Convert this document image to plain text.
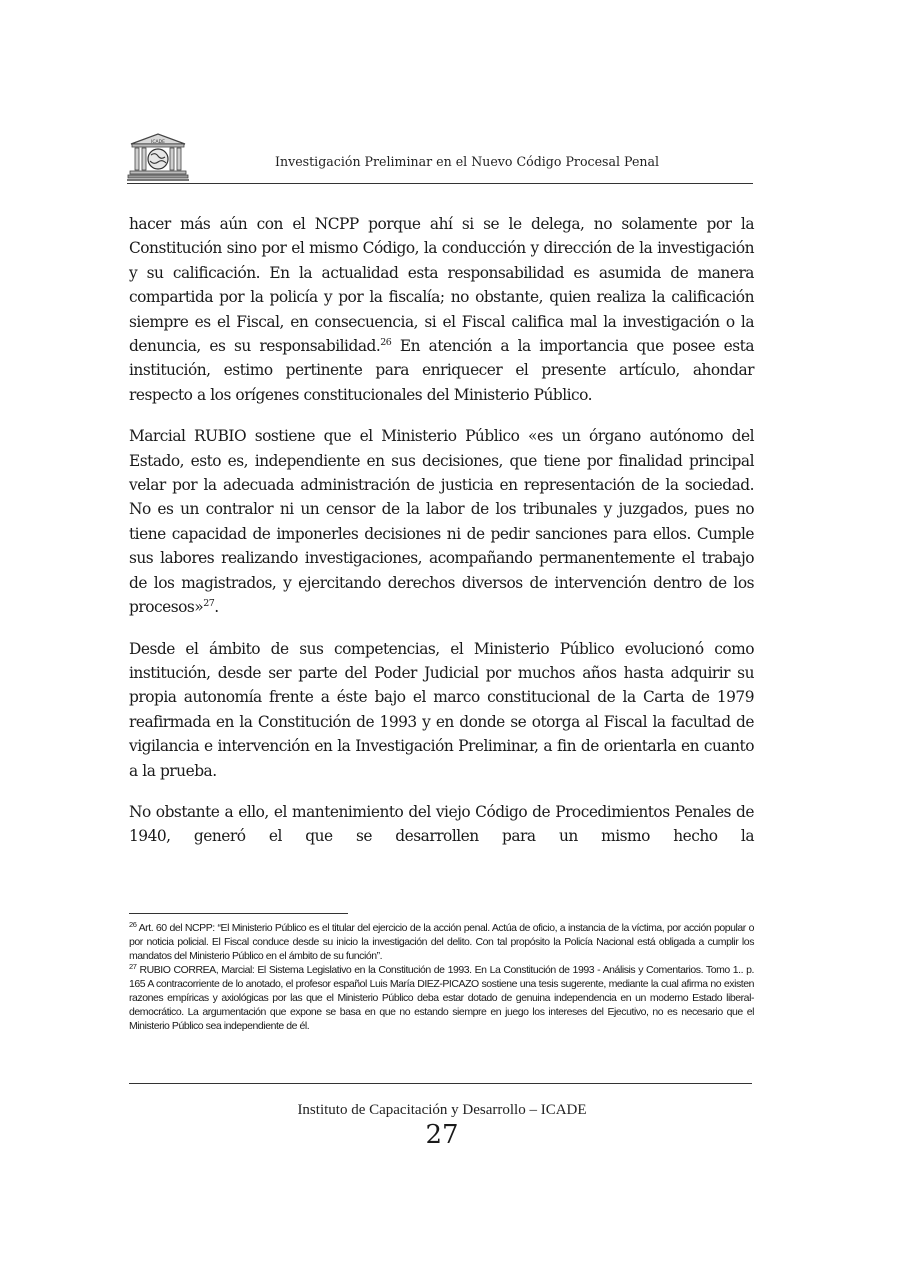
ICADE
Investigación Preliminar en el Nuevo Código Procesal Penal

hacer más aún con el NCPP porque ahí si se le delega, no solamente por la Constitución sino por el mismo Código, la conducción y dirección de la investigación y su calificación. En la actualidad esta responsabilidad es asumida de manera compartida por la policía y por la fiscalía; no obstante, quien realiza la calificación siempre es el Fiscal, en consecuencia, si el Fiscal califica mal la investigación o la denuncia, es su responsabilidad.$^{26}$ En atención a la importancia que posee esta institución, estimo pertinente para enriquecer el presente artículo, ahondar respecto a los orígenes constitucionales del Ministerio Público.

Marcial RUBIO sostiene que el Ministerio Público «es un órgano autónomo del Estado, esto es, independiente en sus decisiones, que tiene por finalidad principal velar por la adecuada administración de justicia en representación de la sociedad. No es un contralor ni un censor de la labor de los tribunales y juzgados, pues no tiene capacidad de imponerles decisiones ni de pedir sanciones para ellos. Cumple sus labores realizando investigaciones, acompañando permanentemente el trabajo de los magistrados, y ejercitando derechos diversos de intervención dentro de los procesos»$^{27}$.

Desde el ámbito de sus competencias, el Ministerio Público evolucionó como institución, desde ser parte del Poder Judicial por muchos años hasta adquirir su propia autonomía frente a éste bajo el marco constitucional de la Carta de 1979 reafirmada en la Constitución de 1993 y en donde se otorga al Fiscal la facultad de vigilancia e intervención en la Investigación Preliminar, a fin de orientarla en cuanto a la prueba.

No obstante a ello, el mantenimiento del viejo Código de Procedimientos Penales de 1940, generó el que se desarrollen para un mismo hecho la

$^{26}$ Art. 60 del NCPP: “El Ministerio Público es el titular del ejercicio de la acción penal. Actúa de oficio, a instancia de la víctima, por acción popular o por noticia policial. El Fiscal conduce desde su inicio la investigación del delito. Con tal propósito la Policía Nacional está obligada a cumplir los mandatos del Ministerio Público en el ámbito de su función”.

$^{27}$ RUBIO CORREA, Marcial: El Sistema Legislativo en la Constitución de 1993. En La Constitución de 1993 - Análisis y Comentarios. Tomo 1.. p. 165 A contracorriente de lo anotado, el profesor español Luis María DIEZ-PICAZO sostiene una tesis sugerente, mediante la cual afirma no existen razones empíricas y axiológicas por las que el Ministerio Público deba estar dotado de genuina independencia en un moderno Estado liberal-democrático. La argumentación que expone se basa en que no estando siempre en juego los intereses del Ejecutivo, no es necesario que el Ministerio Público sea independiente de él.

Instituto de Capacitación y Desarrollo – ICADE
27
